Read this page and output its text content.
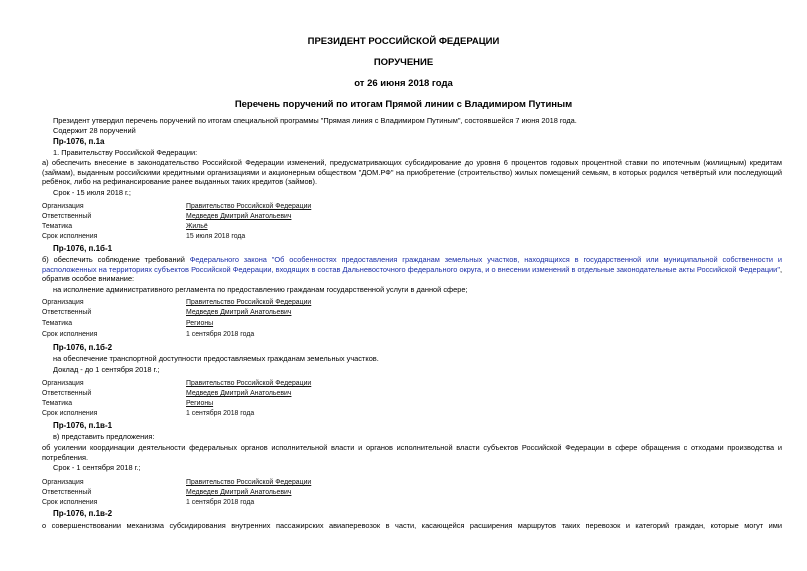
ПРЕЗИДЕНТ РОССИЙСКОЙ ФЕДЕРАЦИИ
ПОРУЧЕНИЕ
от 26 июня 2018 года
Перечень поручений по итогам Прямой линии с Владимиром Путиным
Президент утвердил перечень поручений по итогам специальной программы "Прямая линия с Владимиром Путиным", состоявшейся 7 июня 2018 года.
Содержит 28 поручений
Пр-1076, п.1а
1. Правительству Российской Федерации:
а) обеспечить внесение в законодательство Российской Федерации изменений, предусматривающих субсидирование до уровня 6 процентов годовых процентной ставки по ипотечным (жилищным) кредитам (займам), выданным российскими кредитными организациями и акционерным обществом "ДОМ.РФ" на приобретение (строительство) жилых помещений семьям, в которых родился четвёртый или последующий ребёнок, либо на рефинансирование ранее выданных таких кредитов (займов).
Срок - 15 июля 2018 г.;
Организация	Правительство Российской Федерации
Ответственный	Медведев Дмитрий Анатольевич
Тематика	Жильё
Срок исполнения	15 июля 2018 года
Пр-1076, п.1б-1
б) обеспечить соблюдение требований Федерального закона "Об особенностях предоставления гражданам земельных участков, находящихся в государственной или муниципальной собственности и расположенных на территориях субъектов Российской Федерации, входящих в состав Дальневосточного федерального округа, и о внесении изменений в отдельные законодательные акты Российской Федерации", обратив особое внимание:
на исполнение административного регламента по предоставлению гражданам государственной услуги в данной сфере;
Организация	Правительство Российской Федерации
Ответственный	Медведев Дмитрий Анатольевич
Тематика	Регионы
Срок исполнения	1 сентября 2018 года
Пр-1076, п.1б-2
на обеспечение транспортной доступности предоставляемых гражданам земельных участков.
Доклад - до 1 сентября 2018 г.;
Организация	Правительство Российской Федерации
Ответственный	Медведев Дмитрий Анатольевич
Тематика	Регионы
Срок исполнения	1 сентября 2018 года
Пр-1076, п.1в-1
в) представить предложения:
об усилении координации деятельности федеральных органов исполнительной власти и органов исполнительной власти субъектов Российской Федерации в сфере обращения с отходами производства и потребления.
Срок - 1 сентября 2018 г.;
Организация	Правительство Российской Федерации
Ответственный	Медведев Дмитрий Анатольевич
Срок исполнения	1 сентября 2018 года
Пр-1076, п.1в-2
о совершенствовании механизма субсидирования внутренних пассажирских авиаперевозок в части, касающейся расширения маршрутов таких перевозок и категорий граждан, которые могут ими
